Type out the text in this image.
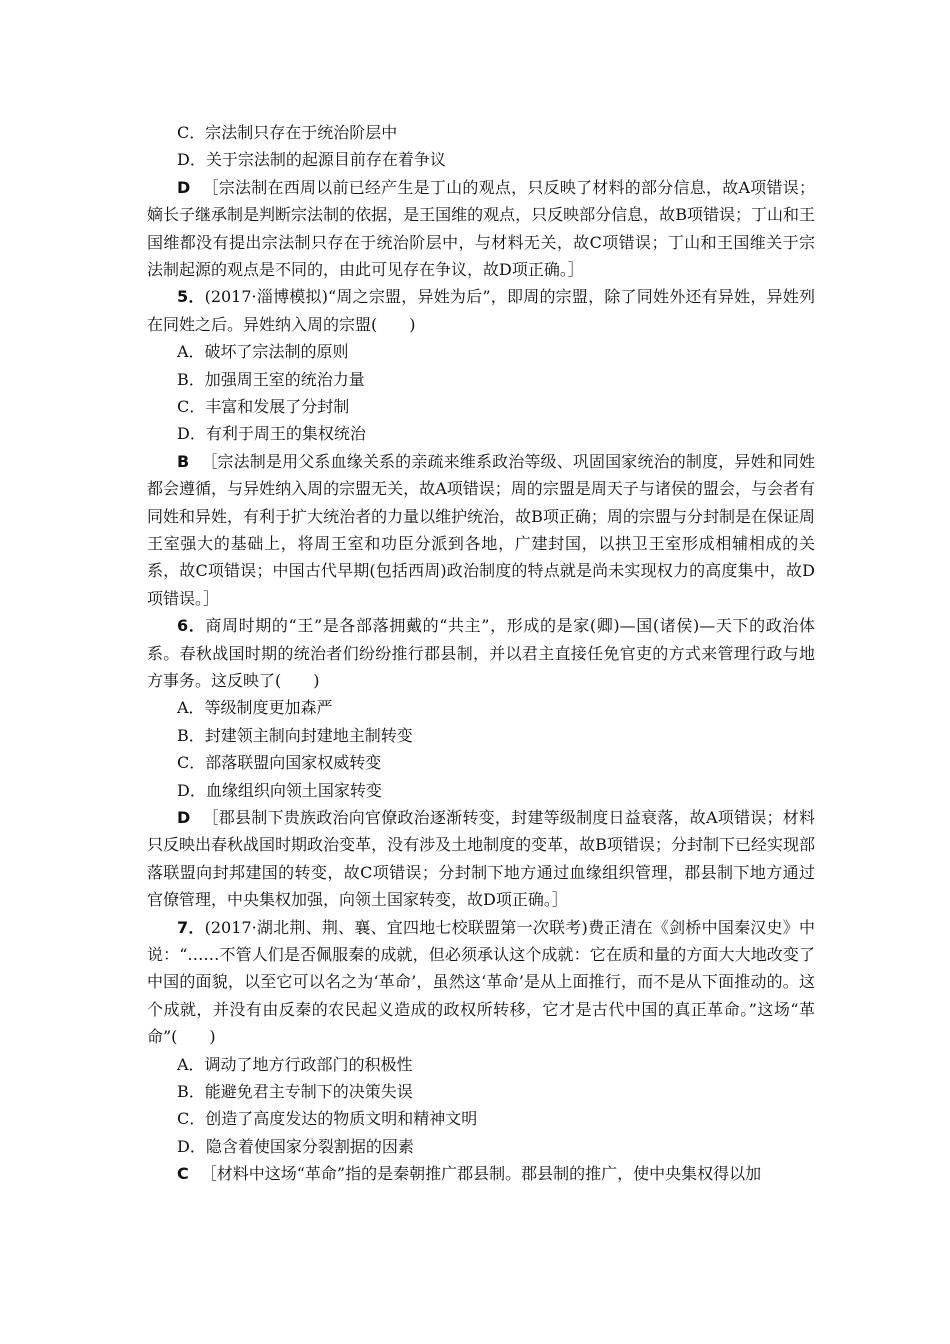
C．宗法制只存在于统治阶层中
D．关于宗法制的起源目前存在着争议
D ［宗法制在西周以前已经产生是丁山的观点，只反映了材料的部分信息，故A项错误；嫡长子继承制是判断宗法制的依据，是王国维的观点，只反映部分信息，故B项错误；丁山和王国维都没有提出宗法制只存在于统治阶层中，与材料无关，故C项错误；丁山和王国维关于宗法制起源的观点是不同的，由此可见存在争议，故D项正确。］
5．(2017·淄博模拟)“周之宗盟，异姓为后”，即周的宗盟，除了同姓外还有异姓，异姓列在同姓之后。异姓纳入周的宗盟(　　)
A．破坏了宗法制的原则
B．加强周王室的统治力量
C．丰富和发展了分封制
D．有利于周王的集权统治
B ［宗法制是用父系血缘关系的亲疏来维系政治等级、巩固国家统治的制度，异姓和同姓都会遵循，与异姓纳入周的宗盟无关，故A项错误；周的宗盟是周天子与诸侯的盟会，与会者有同姓和异姓，有利于扩大统治者的力量以维护统治，故B项正确；周的宗盟与分封制是在保证周王室强大的基础上，将周王室和功臣分派到各地，广建封国，以拱卫王室形成相辅相成的关系，故C项错误；中国古代早期(包括西周)政治制度的特点就是尚未实现权力的高度集中，故D项错误。］
6．商周时期的“王”是各部落拥戴的“共主”，形成的是家(卿)—国(诸侯)—天下的政治体系。春秋战国时期的统治者们纷纷推行郡县制，并以君主直接任免官吏的方式来管理行政与地方事务。这反映了(　　)
A．等级制度更加森严
B．封建领主制向封建地主制转变
C．部落联盟向国家权威转变
D．血缘组织向领土国家转变
D ［郡县制下贵族政治向官僚政治逐渐转变，封建等级制度日益衰落，故A项错误；材料只反映出春秋战国时期政治变革，没有涉及土地制度的变革，故B项错误；分封制下已经实现部落联盟向封邦建国的转变，故C项错误；分封制下地方通过血缘组织管理，郡县制下地方通过官僚管理，中央集权加强，向领土国家转变，故D项正确。］
7．(2017·湖北荆、荆、襄、宜四地七校联盟第一次联考)费正清在《剑桥中国秦汉史》中说：“……不管人们是否佩服秦的成就，但必须承认这个成就：它在质和量的方面大大地改变了中国的面貌，以至它可以名之为‘革命’，虽然这‘革命’是从上面推行，而不是从下面推动的。这个成就，并没有由反秦的农民起义造成的政权所转移，它才是古代中国的真正革命。”这场“革命”(　　)
A．调动了地方行政部门的积极性
B．能避免君主专制下的决策失误
C．创造了高度发达的物质文明和精神文明
D．隐含着使国家分裂割据的因素
C ［材料中这场“革命”指的是秦朝推广郡县制。郡县制的推广，使中央集权得以加
